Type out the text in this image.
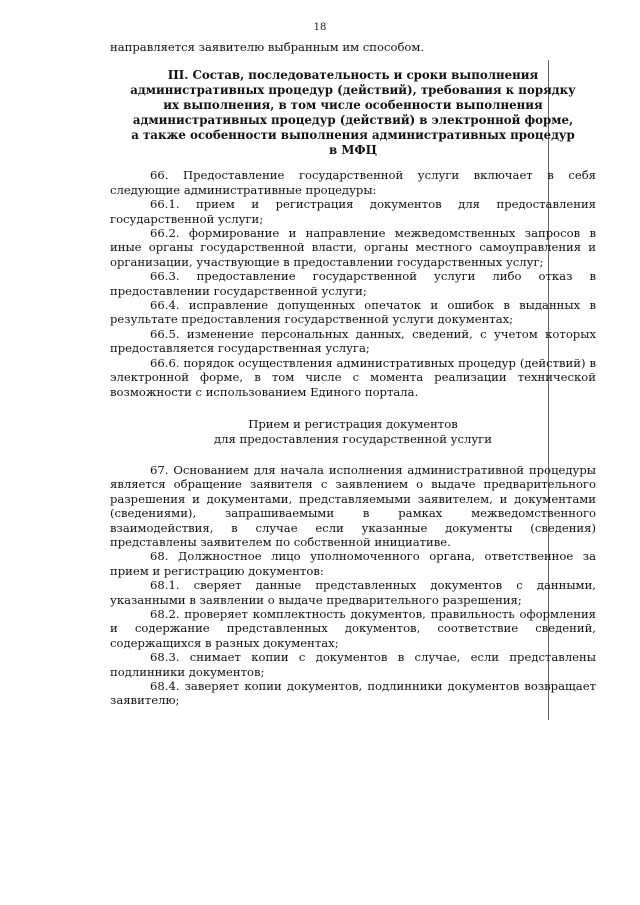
18
направляется заявителю выбранным им способом.
III. Состав, последовательность и сроки выполнения
административных процедур (действий), требования к порядку
их выполнения, в том числе особенности выполнения
административных процедур (действий) в электронной форме,
а также особенности выполнения административных процедур
в МФЦ

66. Предоставление государственной услуги включает в себя следующие административные процедуры:

66.1. прием и регистрация документов для предоставления государственной услуги;

66.2. формирование и направление межведомственных запросов в иные органы государственной власти, органы местного самоуправления и организации, участвующие в предоставлении государственных услуг;

66.3. предоставление государственной услуги либо отказ в предоставлении государственной услуги;

66.4. исправление допущенных опечаток и ошибок в выданных в результате предоставления государственной услуги документах;

66.5. изменение персональных данных, сведений, с учетом которых предоставляется государственная услуга;

66.6. порядок осуществления административных процедур (действий) в электронной форме, в том числе с момента реализации технической возможности с использованием Единого портала.

Прием и регистрация документов
для предоставления государственной услуги

67. Основанием для начала исполнения административной процедуры является обращение заявителя с заявлением о выдаче предварительного разрешения и документами, представляемыми заявителем, и документами (сведениями), запрашиваемыми в рамках межведомственного взаимодействия, в случае если указанные документы (сведения) представлены заявителем по собственной инициативе.

68. Должностное лицо уполномоченного органа, ответственное за прием и регистрацию документов:

68.1. сверяет данные представленных документов с данными, указанными в заявлении о выдаче предварительного разрешения;

68.2. проверяет комплектность документов, правильность оформления и содержание представленных документов, соответствие сведений, содержащихся в разных документах;

68.3. снимает копии с документов в случае, если представлены подлинники документов;

68.4. заверяет копии документов, подлинники документов возвращает заявителю;
